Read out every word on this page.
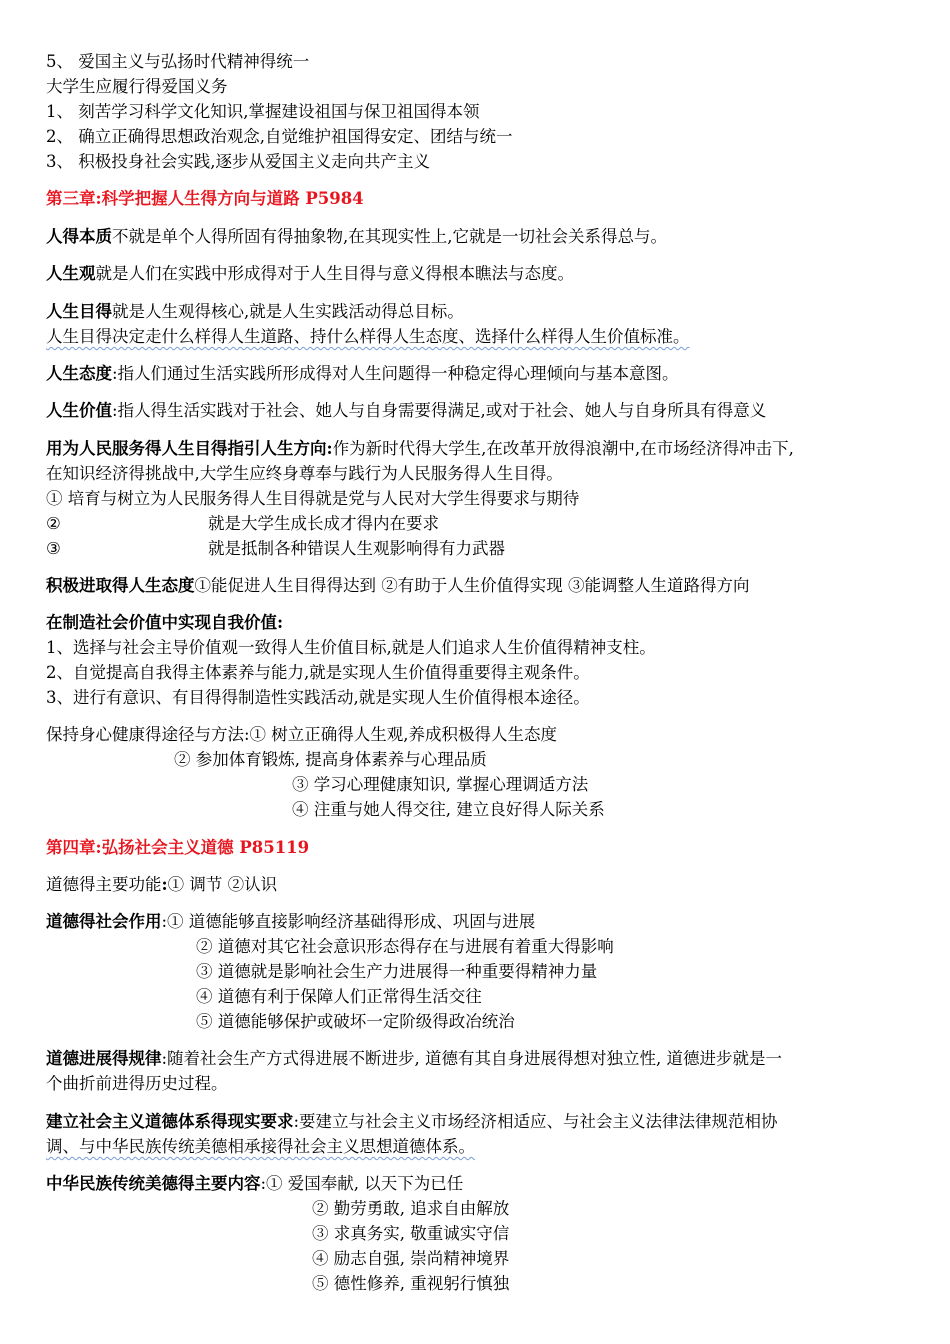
5、 爱国主义与弘扬时代精神得统一
大学生应履行得爱国义务
1、 刻苦学习科学文化知识,掌握建设祖国与保卫祖国得本领
2、 确立正确得思想政治观念,自觉维护祖国得安定、团结与统一
3、 积极投身社会实践,逐步从爱国主义走向共产主义
第三章:科学把握人生得方向与道路 P5984
人得本质不就是单个人得所固有得抽象物,在其现实性上,它就是一切社会关系得总与。
人生观就是人们在实践中形成得对于人生目得与意义得根本瞧法与态度。
人生目得就是人生观得核心,就是人生实践活动得总目标。
人生目得决定走什么样得人生道路、持什么样得人生态度、选择什么样得人生价值标准。
人生态度:指人们通过生活实践所形成得对人生问题得一种稳定得心理倾向与基本意图。
人生价值:指人得生活实践对于社会、她人与自身需要得满足,或对于社会、她人与自身所具有得意义
用为人民服务得人生目得指引人生方向:作为新时代得大学生,在改革开放得浪潮中,在市场经济得冲击下,
在知识经济得挑战中,大学生应终身尊奉与践行为人民服务得人生目得。
① 培育与树立为人民服务得人生目得就是党与人民对大学生得要求与期待
②	就是大学生成长成才得内在要求
③	就是抵制各种错误人生观影响得有力武器
积极进取得人生态度①能促进人生目得得达到 ②有助于人生价值得实现 ③能调整人生道路得方向
在制造社会价值中实现自我价值:
1、选择与社会主导价值观一致得人生价值目标,就是人们追求人生价值得精神支柱。
2、自觉提高自我得主体素养与能力,就是实现人生价值得重要得主观条件。
3、进行有意识、有目得得制造性实践活动,就是实现人生价值得根本途径。
保持身心健康得途径与方法:① 树立正确得人生观,养成积极得人生态度
② 参加体育锻炼, 提高身体素养与心理品质
③ 学习心理健康知识, 掌握心理调适方法
④ 注重与她人得交往, 建立良好得人际关系
第四章:弘扬社会主义道德 P85119
道德得主要功能:① 调节 ②认识
道德得社会作用:① 道德能够直接影响经济基础得形成、巩固与进展
② 道德对其它社会意识形态得存在与进展有着重大得影响
③ 道德就是影响社会生产力进展得一种重要得精神力量
④ 道德有利于保障人们正常得生活交往
⑤ 道德能够保护或破坏一定阶级得政冶统治
道德进展得规律:随着社会生产方式得进展不断进步, 道德有其自身进展得想对独立性, 道德进步就是一
个曲折前进得历史过程。
建立社会主义道德体系得现实要求:要建立与社会主义市场经济相适应、与社会主义法律法律规范相协
调、与中华民族传统美德相承接得社会主义思想道德体系。
中华民族传统美德得主要内容:① 爱国奉献, 以天下为已任
② 勤劳勇敢, 追求自由解放
③ 求真务实, 敬重诚实守信
④ 励志自强, 崇尚精神境界
⑤ 德性修养, 重视躬行慎独
